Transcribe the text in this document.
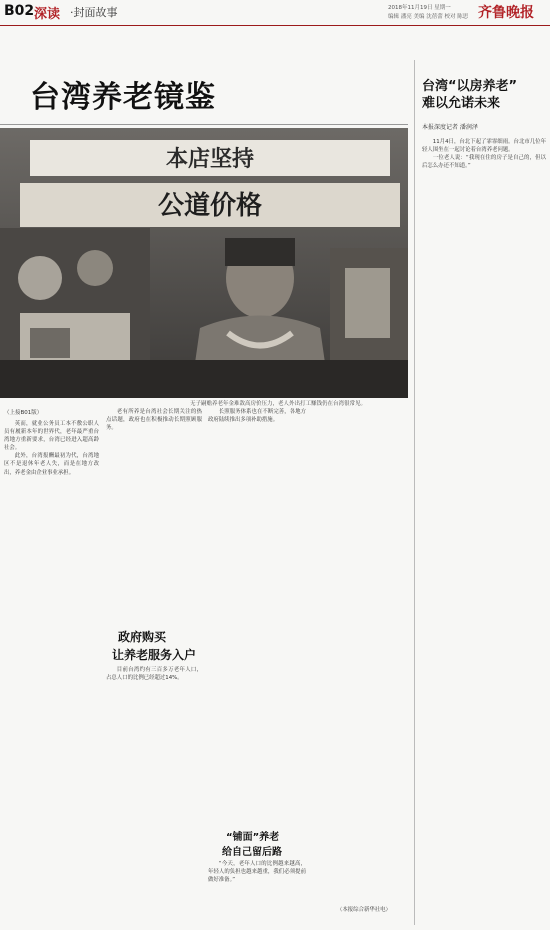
B02 深读 ·封面故事	2018年11月19日 星期一
编辑 潘亮 美编 沈蓓蕾 校对 陈思 齐鲁晚报
台湾养老镜鉴
本店坚持
公道价格
无子嗣赡养老年金难敌高房价压力，老人外出打工赚钱仍在台湾很常见。
（上接B01版）

英而，就业公务员工本不敷公职人员有履新本年的世界代，老年最严重台湾地方重新要求，台湾已经进入超高龄社会。

此外，台湾报酬最初为代，台湾地区不是退休年老人失，而是在地方改出，养老金由企业事业承担。

老有所养是台湾社会长期关注的热点话题，政府也在积极推动长期照顾服务。

政府购买
让养老服务入户

目前台湾约有三百多万老年人口，占总人口的比例已经超过14%。

长照服务体系也在不断完善，各地方政府陆续推出多项补助措施。

“铺面”养老
给自己留后路

“今天，老年人口的比例越来越高，年轻人的负担也越来越重，我们必须提前做好准备。”

（本报综合新华社电）
台湾“以房养老”
难以允诺未来
本报深度记者 潘润泽

11月4日，台北下起了霏霏细雨。台北市几位年轻人围坐在一起讨论着台湾养老问题。

一位老人说：“我现在住的房子是自己的，但以后怎么办还不知道。”
